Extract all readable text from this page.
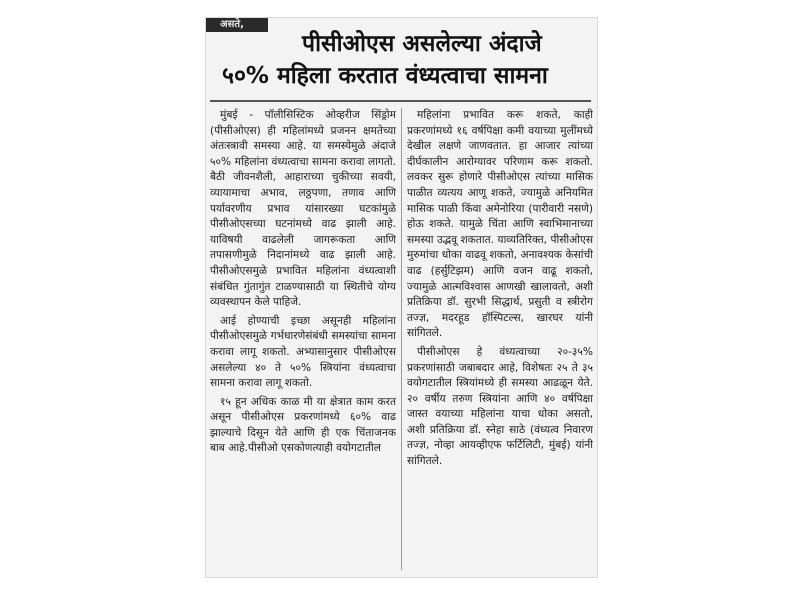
असते,
पीसीओएस असलेल्या अंदाजे
५०% महिला करतात वंध्यत्वाचा सामना

मुंबई - पॉलीसिस्टिक ओव्हरीज सिंड्रोम (पीसीओएस) ही महिलांमध्ये प्रजनन क्षमतेच्या अंतःस्त्रावी समस्या आहे. या समस्येमुळे अंदाजे ५०% महिलांना वंध्यत्वाचा सामना करावा लागतो. बैठी जीवनशैली, आहाराच्या चुकीच्या सवयी, व्यायामाचा अभाव, लठ्ठपणा, तणाव आणि पर्यावरणीय प्रभाव यांसारख्या घटकांमुळे पीसीओएसच्या घटनांमध्ये वाढ झाली आहे. याविषयी वाढलेली जागरूकता आणि तपासणीमुळे निदानांमध्ये वाढ झाली आहे. पीसीओएसमुळे प्रभावित महिलांना वंध्यत्वाशी संबंधित गुंतागुंत टाळण्यासाठी या स्थितीचे योग्य व्यवस्थापन केले पाहिजे.

आई होण्याची इच्छा असूनही महिलांना पीसीओएसमुळे गर्भधारणेसंबंधी समस्यांचा सामना करावा लागू शकतो. अभ्यासानुसार पीसीओएस असलेल्या ४० ते ५०% स्त्रियांना वंध्यत्वाचा सामना करावा लागू शकतो.

१५ हून अधिक काळ मी या क्षेत्रात काम करत असून पीसीओएस प्रकरणांमध्ये ६०% वाढ झाल्याचे दिसून येते आणि ही एक चिंताजनक बाब आहे.पीसीओ एसकोणत्याही वयोगटातील

महिलांना प्रभावित करू शकते, काही प्रकरणांमध्ये १६ वर्षपिक्षा कमी वयाच्या मुलींमध्ये देखील लक्षणे जाणवतात. हा आजार त्यांच्या दीर्घकालीन आरोग्यावर परिणाम करू शकतो. लवकर सुरू होणारे पीसीओएस त्यांच्या मासिक पाळीत व्यत्यय आणू शकते, ज्यामुळे अनियमित मासिक पाळी किंवा अमेनोरिया (पारीवारी नसणे) होऊ शकते. यामुळे चिंता आणि स्वाभिमानाच्या समस्या उद्भवू शकतात. याव्यतिरिक्त, पीसीओएस मुरुमांचा धोका वाढवू शकतो, अनावश्यक केसांची वाढ (हर्सुटिझम) आणि वजन वाढू शकतो, ज्यामुळे आत्मविश्वास आणखी खालावतो, अशी प्रतिक्रिया डॉ. सुरभी सिद्धार्थ, प्रसुती व स्त्रीरोग तज्ज्ञ, मदरहूड हॉस्पिटल्स, खारघर यांनी सांगितले.

पीसीओएस हे वंध्यत्वाच्या २०-३५% प्रकरणांसाठी जबाबदार आहे, विशेषतः २५ ते ३५ वयोगटातील स्त्रियांमध्ये ही समस्या आढळून येते. २० वर्षीय तरुण स्त्रियांना आणि ४० वर्षपिक्षा जास्त वयाच्या महिलांना याचा धोका असतो, अशी प्रतिक्रिया डॉ. स्नेहा साठे (वंध्यत्व निवारण तज्ज्ञ, नोव्हा आयव्हीएफ फर्टिलिटी, मुंबई) यांनी सांगितले.
